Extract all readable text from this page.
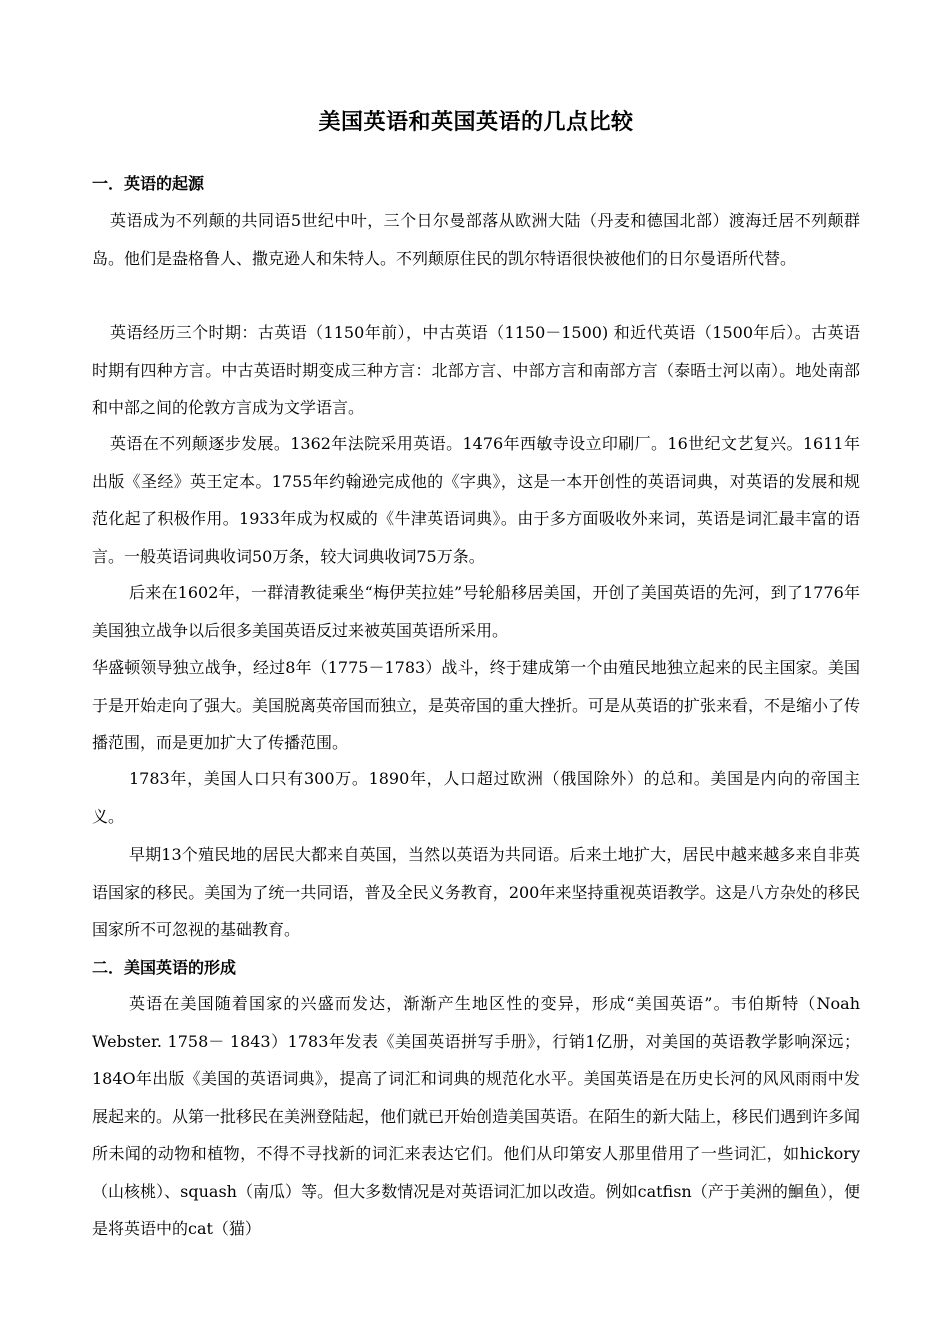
美国英语和英国英语的几点比较
一．英语的起源

英语成为不列颠的共同语5世纪中叶，三个日尔曼部落从欧洲大陆（丹麦和德国北部）渡海迁居不列颠群岛。他们是盎格鲁人、撒克逊人和朱特人。不列颠原住民的凯尔特语很快被他们的日尔曼语所代替。

英语经历三个时期：古英语（1150年前），中古英语（1150－1500) 和近代英语（1500年后）。古英语时期有四种方言。中古英语时期变成三种方言：北部方言、中部方言和南部方言（泰晤士河以南）。地处南部和中部之间的伦敦方言成为文学语言。

英语在不列颠逐步发展。1362年法院采用英语。1476年西敏寺设立印刷厂。16世纪文艺复兴。1611年出版《圣经》英王定本。1755年约翰逊完成他的《字典》，这是一本开创性的英语词典，对英语的发展和规范化起了积极作用。1933年成为权威的《牛津英语词典》。由于多方面吸收外来词，英语是词汇最丰富的语言。一般英语词典收词50万条，较大词典收词75万条。

后来在1602年，一群清教徒乘坐“梅伊芙拉娃”号轮船移居美国，开创了美国英语的先河，到了1776年美国独立战争以后很多美国英语反过来被英国英语所采用。

华盛顿领导独立战争，经过8年（1775－1783）战斗，终于建成第一个由殖民地独立起来的民主国家。美国于是开始走向了强大。美国脱离英帝国而独立，是英帝国的重大挫折。可是从英语的扩张来看，不是缩小了传播范围，而是更加扩大了传播范围。

1783年，美国人口只有300万。1890年，人口超过欧洲（俄国除外）的总和。美国是内向的帝国主义。

早期13个殖民地的居民大都来自英国，当然以英语为共同语。后来土地扩大，居民中越来越多来自非英语国家的移民。美国为了统一共同语，普及全民义务教育，200年来坚持重视英语教学。这是八方杂处的移民国家所不可忽视的基础教育。

二．美国英语的形成

英语在美国随着国家的兴盛而发达，渐渐产生地区性的变异，形成“美国英语”。韦伯斯特（Noah Webster. 1758－ 1843）1783年发表《美国英语拼写手册》，行销1亿册，对美国的英语教学影响深远；184O年出版《美国的英语词典》，提高了词汇和词典的规范化水平。美国英语是在历史长河的风风雨雨中发展起来的。从第一批移民在美洲登陆起，他们就已开始创造美国英语。在陌生的新大陆上，移民们遇到许多闻所未闻的动物和植物，不得不寻找新的词汇来表达它们。他们从印第安人那里借用了一些词汇，如hickory（山核桃）、squash（南瓜）等。但大多数情况是对英语词汇加以改造。例如catfisn（产于美洲的鮰鱼），便是将英语中的cat（猫）
